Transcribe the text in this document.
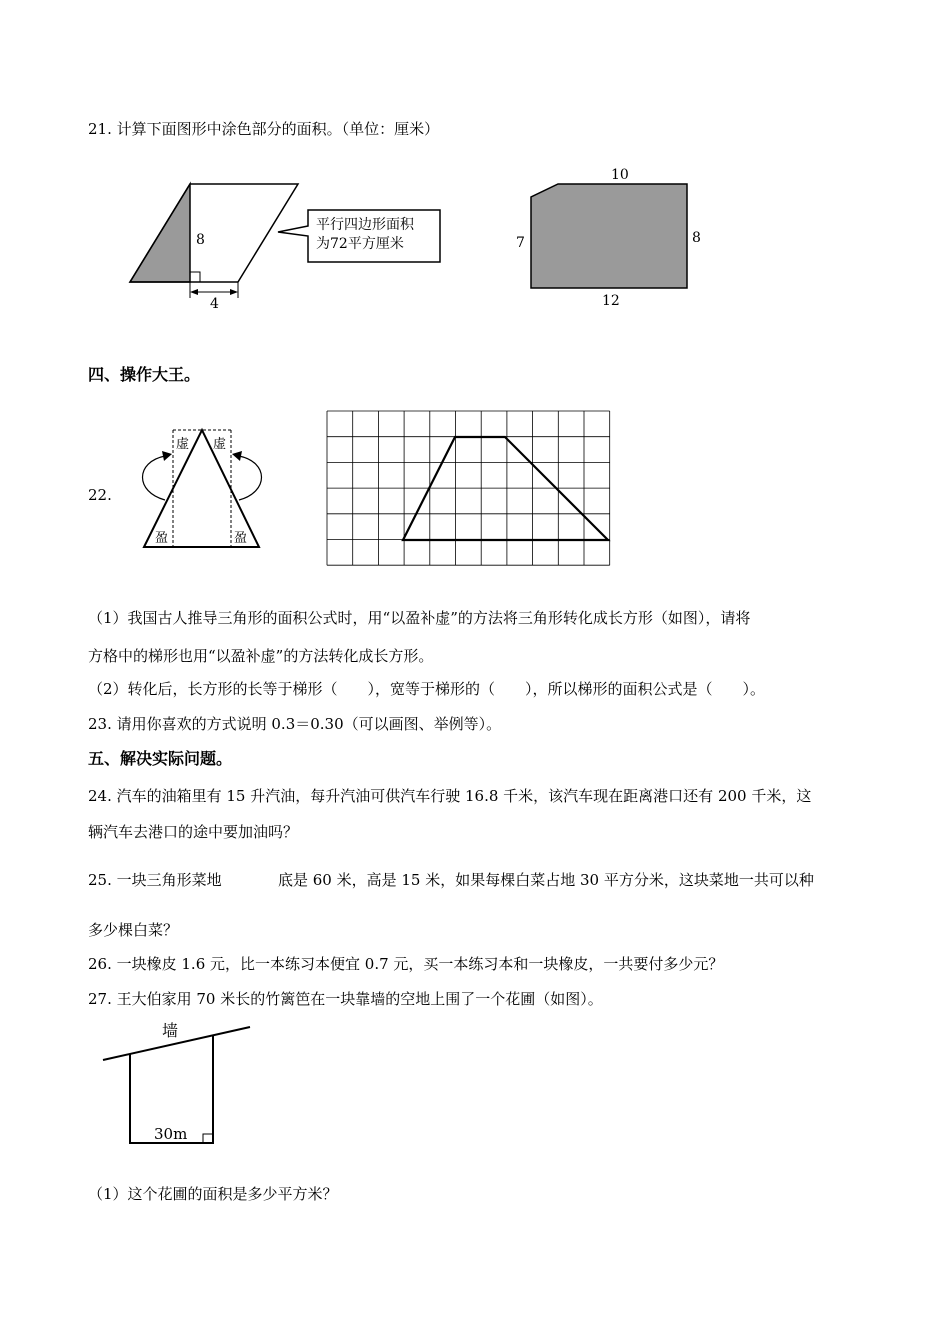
21. 计算下面图形中涂色部分的面积。（单位：厘米）
8
4
平行四边形面积
为72平方厘米
10
7	8
12
四、操作大王。
22.
虚 虚
盈	盈
（1）我国古人推导三角形的面积公式时，用“以盈补虚”的方法将三角形转化成长方形（如图），请将
方格中的梯形也用“以盈补虚”的方法转化成长方形。
（2）转化后，长方形的长等于梯形（　　），宽等于梯形的（　　），所以梯形的面积公式是（　　）。
23. 请用你喜欢的方式说明 0.3＝0.30（可以画图、举例等）。
五、解决实际问题。
24. 汽车的油箱里有 15 升汽油，每升汽油可供汽车行驶 16.8 千米，该汽车现在距离港口还有 200 千米，这
辆汽车去港口的途中要加油吗？
25. 一块三角形菜地	底是 60 米，高是 15 米，如果每棵白菜占地 30 平方分米，这块菜地一共可以种
多少棵白菜？
26. 一块橡皮 1.6 元，比一本练习本便宜 0.7 元，买一本练习本和一块橡皮，一共要付多少元？
27. 王大伯家用 70 米长的竹篱笆在一块靠墙的空地上围了一个花圃（如图）。
墙
30m
（1）这个花圃的面积是多少平方米？
